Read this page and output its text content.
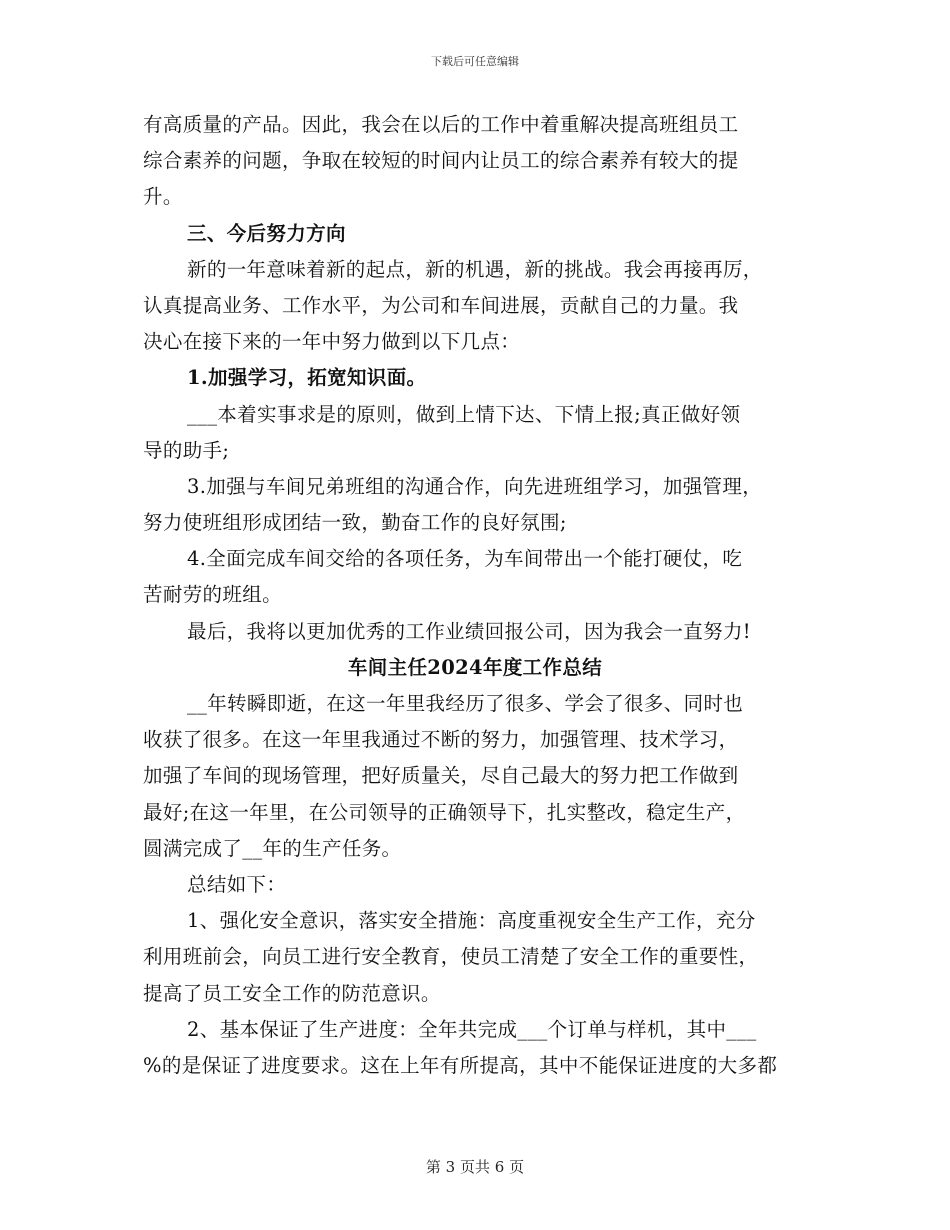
下载后可任意编辑
有高质量的产品。因此，我会在以后的工作中着重解决提高班组员工
综合素养的问题，争取在较短的时间内让员工的综合素养有较大的提
升。
三、今后努力方向
新的一年意味着新的起点，新的机遇，新的挑战。我会再接再厉，
认真提高业务、工作水平，为公司和车间进展，贡献自己的力量。我
决心在接下来的一年中努力做到以下几点：
1.加强学习，拓宽知识面。
___本着实事求是的原则，做到上情下达、下情上报;真正做好领
导的助手;
3.加强与车间兄弟班组的沟通合作，向先进班组学习，加强管理，
努力使班组形成团结一致，勤奋工作的良好氛围;
4.全面完成车间交给的各项任务，为车间带出一个能打硬仗，吃
苦耐劳的班组。
最后，我将以更加优秀的工作业绩回报公司，因为我会一直努力!
车间主任2024年度工作总结
__年转瞬即逝，在这一年里我经历了很多、学会了很多、同时也
收获了很多。在这一年里我通过不断的努力，加强管理、技术学习，
加强了车间的现场管理，把好质量关，尽自己最大的努力把工作做到
最好;在这一年里，在公司领导的正确领导下，扎实整改，稳定生产，
圆满完成了__年的生产任务。
总结如下：
1、强化安全意识，落实安全措施：高度重视安全生产工作，充分
利用班前会，向员工进行安全教育，使员工清楚了安全工作的重要性，
提高了员工安全工作的防范意识。
2、基本保证了生产进度：全年共完成___个订单与样机，其中___
%的是保证了进度要求。这在上年有所提高，其中不能保证进度的大多都
第 3 页共 6 页
